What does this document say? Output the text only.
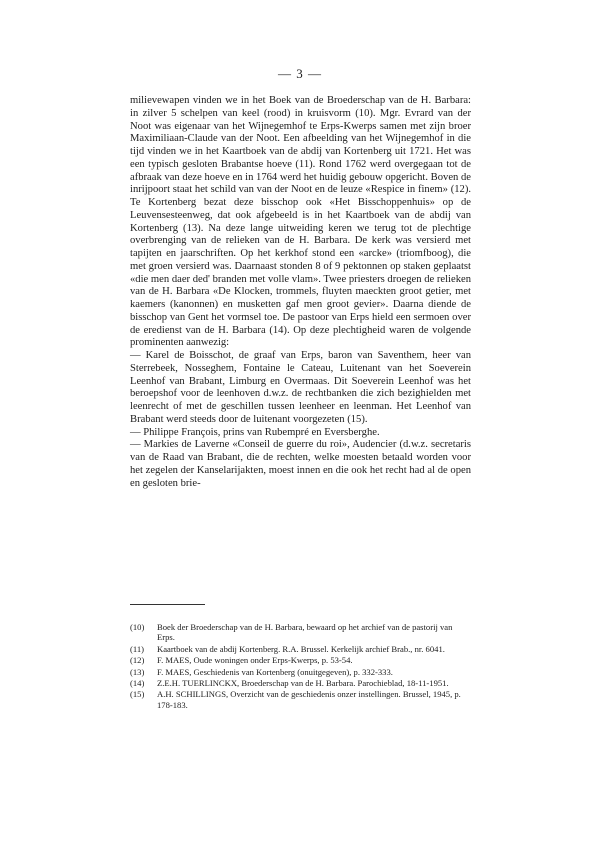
— 3 —

milievewapen vinden we in het Boek van de Broederschap van de H. Barbara: in zilver 5 schelpen van keel (rood) in kruisvorm (10). Mgr. Evrard van der Noot was eigenaar van het Wijnegemhof te Erps-Kwerps samen met zijn broer Maximiliaan-Claude van der Noot. Een afbeelding van het Wijnegemhof in die tijd vinden we in het Kaartboek van de abdij van Kortenberg uit 1721. Het was een typisch gesloten Brabantse hoeve (11). Rond 1762 werd overgegaan tot de afbraak van deze hoeve en in 1764 werd het huidig gebouw opgericht. Boven de inrijpoort staat het schild van van der Noot en de leuze «Respice in finem» (12). Te Kortenberg bezat deze bisschop ook «Het Bisschoppenhuis» op de Leuvensesteenweg, dat ook afgebeeld is in het Kaartboek van de abdij van Kortenberg (13). Na deze lange uitweiding keren we terug tot de plechtige overbrenging van de relieken van de H. Barbara. De kerk was versierd met tapijten en jaarschriften. Op het kerkhof stond een «arcke» (triomfboog), die met groen versierd was. Daarnaast stonden 8 of 9 pektonnen op staken geplaatst «die men daer ded' branden met volle vlam». Twee priesters droegen de relieken van de H. Barbara «De Klocken, trommels, fluyten maeckten groot getier, met kaemers (kanonnen) en musketten gaf men groot gevier». Daarna diende de bisschop van Gent het vormsel toe. De pastoor van Erps hield een sermoen over de eredienst van de H. Barbara (14). Op deze plechtigheid waren de volgende prominenten aanwezig:

— Karel de Boisschot, de graaf van Erps, baron van Saventhem, heer van Sterrebeek, Nosseghem, Fontaine le Cateau, Luitenant van het Soeverein Leenhof van Brabant, Limburg en Overmaas. Dit Soeverein Leenhof was het beroepshof voor de leenhoven d.w.z. de rechtbanken die zich bezighielden met leenrecht of met de geschillen tussen leenheer en leenman. Het Leenhof van Brabant werd steeds door de luitenant voorgezeten (15).

— Philippe François, prins van Rubempré en Eversberghe.

— Markies de Laverne «Conseil de guerre du roi», Audencier (d.w.z. secretaris van de Raad van Brabant, die de rechten, welke moesten betaald worden voor het zegelen der Kanselarijakten, moest innen en die ook het recht had al de open en gesloten brie-

(10)	Boek der Broederschap van de H. Barbara, bewaard op het archief van de pastorij van Erps.
(11)	Kaartboek van de abdij Kortenberg. R.A. Brussel. Kerkelijk archief Brab., nr. 6041.
(12)	F. MAES, Oude woningen onder Erps-Kwerps, p. 53-54.
(13)	F. MAES, Geschiedenis van Kortenberg (onuitgegeven), p. 332-333.
(14)	Z.E.H. TUERLINCKX, Broederschap van de H. Barbara. Parochieblad, 18-11-1951.
(15)	A.H. SCHILLINGS, Overzicht van de geschiedenis onzer instellingen. Brussel, 1945, p. 178-183.
